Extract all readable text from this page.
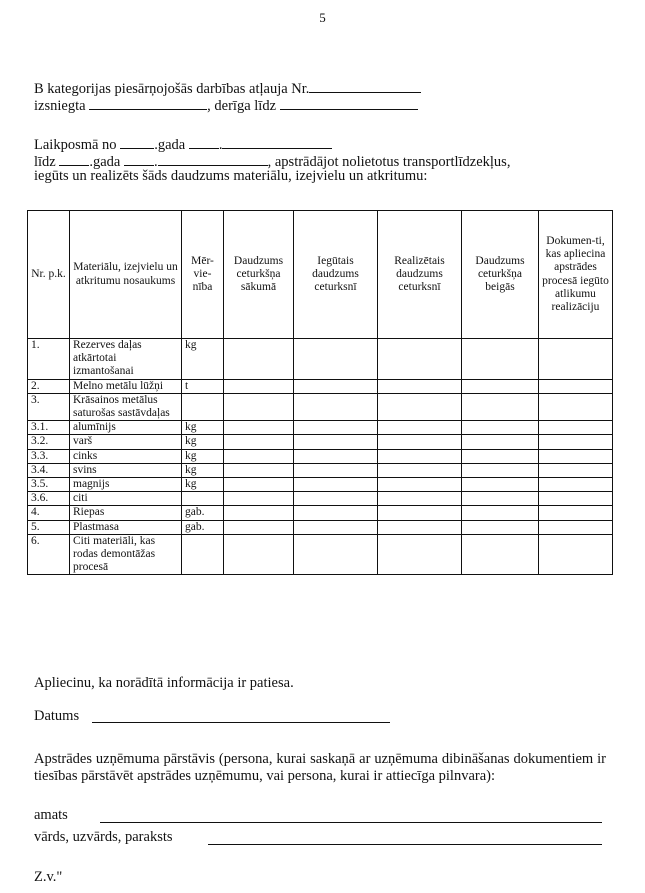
5
B kategorijas piesārņojošās darbības atļauja Nr.
izsniegta	, derīga līdz
Laikposmā no	.gada .
līdz .gada .	, apstrādājot nolietotus transportlīdzekļus,
iegūts un realizēts šāds daudzums materiālu, izejvielu un atkritumu:
Nr. p.k.	Materiālu, izejvielu un atkritumu nosaukums	Mēr-vie-nība	Daudzums ceturkšņa sākumā	Iegūtais daudzums ceturksnī	Realizētais daudzums ceturksnī	Daudzums ceturkšņa beigās	Dokumen-ti, kas apliecina apstrādes procesā iegūto atlikumu realizāciju
1.	Rezerves daļas atkārtotai izmantošanai	kg					
2.	Melno metālu lūžņi	t					
3.	Krāsainos metālus saturošas sastāvdaļas						
3.1.	alumīnijs	kg					
3.2.	varš	kg					
3.3.	cinks	kg					
3.4.	svins	kg					
3.5.	magnijs	kg					
3.6.	citi						
4.	Riepas	gab.					
5.	Plastmasa	gab.					
6.	Citi materiāli, kas rodas demontāžas procesā						
Apliecinu, ka norādītā informācija ir patiesa.
Datums
Apstrādes uzņēmuma pārstāvis (persona, kurai saskaņā ar uzņēmuma dibināšanas dokumentiem ir tiesības pārstāvēt apstrādes uzņēmumu, vai persona, kurai ir attiecīga pilnvara):
amats
vārds, uzvārds, paraksts
Z.v."
